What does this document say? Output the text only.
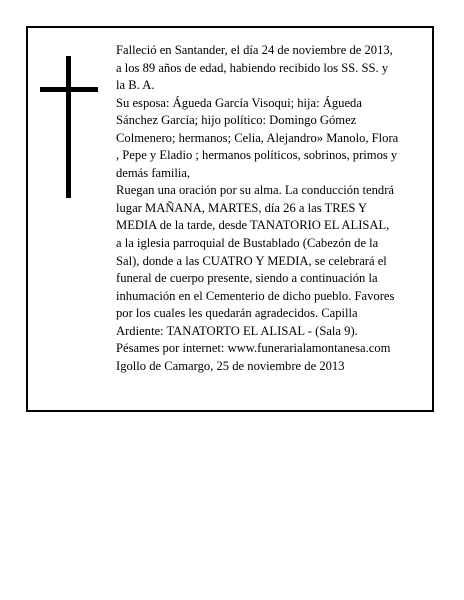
Falleció en Santander, el día 24 de noviembre de 2013,
a los 89 años de edad, habiendo recibido los SS. SS. y
la B. A.
Su esposa: Águeda García Visoqui; hija: Águeda
Sánchez García; hijo político: Domingo Gómez
Colmenero; hermanos; Celia, Alejandro» Manolo, Flora
, Pepe y Eladio ; hermanos políticos, sobrinos, primos y
demás familia,
Ruegan una oración por su alma. La conducción tendrá
lugar MAÑANA, MARTES, día 26 a las TRES Y
MEDIA de la tarde, desde TANATORIO EL ALISAL,
a la iglesia parroquial de Bustablado (Cabezón de la
Sal), donde a las CUATRO Y MEDIA, se celebrará el
funeral de cuerpo presente, siendo a continuación la
inhumación en el Cementerio de dicho pueblo. Favores
por los cuales les quedarán agradecidos. Capilla
Ardiente: TANATORTO EL ALISAL - (Sala 9).
Pésames por internet: www.funerarialamontanesa.com
Igollo de Camargo, 25 de noviembre de 2013
